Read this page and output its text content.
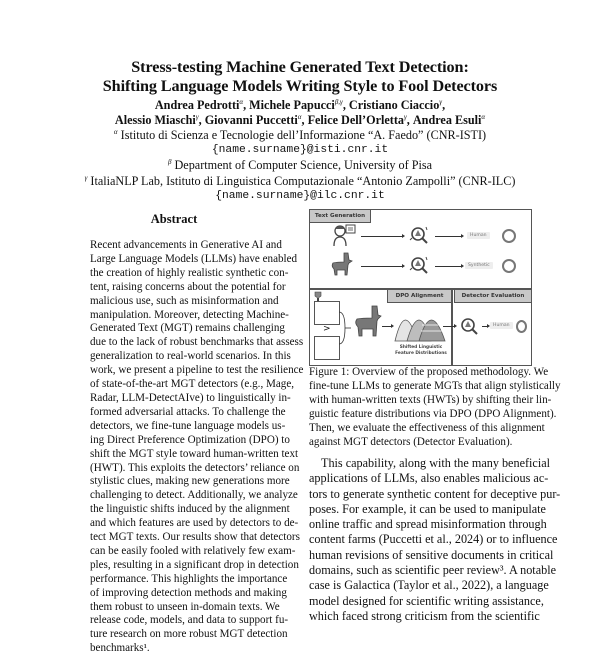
Stress-testing Machine Generated Text Detection:
Shifting Language Models Writing Style to Fool Detectors
Andrea Pedrotti$^\alpha$, Michele Papucci$^{\beta,\gamma}$, Cristiano Ciaccio$^\gamma$,
Alessio Miaschi$^\gamma$, Giovanni Puccetti$^\alpha$, Felice Dell’Orletta$^\gamma$, Andrea Esuli$^\alpha$
$^\alpha$ Istituto di Scienza e Tecnologie dell’Informazione “A. Faedo” (CNR-ISTI)
{name.surname}@isti.cnr.it
$^\beta$ Department of Computer Science, University of Pisa
$^\gamma$ ItaliaNLP Lab, Istituto di Linguistica Computazionale “Antonio Zampolli” (CNR-ILC)
{name.surname}@ilc.cnr.it
Abstract
Recent advancements in Generative AI and
Large Language Models (LLMs) have enabled
the creation of highly realistic synthetic con-
tent, raising concerns about the potential for
malicious use, such as misinformation and
manipulation. Moreover, detecting Machine-
Generated Text (MGT) remains challenging
due to the lack of robust benchmarks that assess
generalization to real-world scenarios. In this
work, we present a pipeline to test the resilience
of state-of-the-art MGT detectors (e.g., Mage,
Radar, LLM-DetectAIve) to linguistically in-
formed adversarial attacks. To challenge the
detectors, we fine-tune language models us-
ing Direct Preference Optimization (DPO) to
shift the MGT style toward human-written text
(HWT). This exploits the detectors’ reliance on
stylistic clues, making new generations more
challenging to detect. Additionally, we analyze
the linguistic shifts induced by the alignment
and which features are used by detectors to de-
tect MGT texts. Our results show that detectors
can be easily fooled with relatively few exam-
ples, resulting in a significant drop in detection
performance. This highlights the importance
of improving detection methods and making
them robust to unseen in-domain texts. We
release code, models, and data to support fu-
ture research on more robust MGT detection
benchmarks¹.
Text Generation
Human
Synthetic
DPO Alignment
>
Shifted Linguistic
Feature Distributions
Detector Evaluation
Human
Figure 1: Overview of the proposed methodology. We
fine-tune LLMs to generate MGTs that align stylistically
with human-written texts (HWTs) by shifting their lin-
guistic feature distributions via DPO (DPO Alignment).
Then, we evaluate the effectiveness of this alignment
against MGT detectors (Detector Evaluation).
This capability, along with the many beneficial
applications of LLMs, also enables malicious ac-
tors to generate synthetic content for deceptive pur-
poses. For example, it can be used to manipulate
online traffic and spread misinformation through
content farms (Puccetti et al., 2024) or to influence
human revisions of sensitive documents in critical
domains, such as scientific peer review³. A notable
case is Galactica (Taylor et al., 2022), a language
model designed for scientific writing assistance,
which faced strong criticism from the scientific
